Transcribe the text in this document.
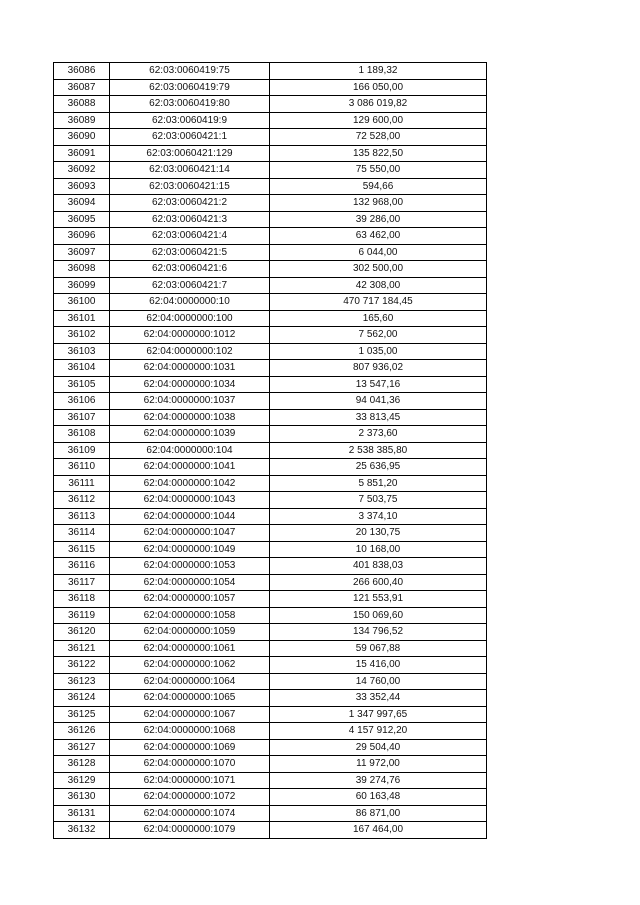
36086	62:03:0060419:75	1 189,32
36087	62:03:0060419:79	166 050,00
36088	62:03:0060419:80	3 086 019,82
36089	62:03:0060419:9	129 600,00
36090	62:03:0060421:1	72 528,00
36091	62:03:0060421:129	135 822,50
36092	62:03:0060421:14	75 550,00
36093	62:03:0060421:15	594,66
36094	62:03:0060421:2	132 968,00
36095	62:03:0060421:3	39 286,00
36096	62:03:0060421:4	63 462,00
36097	62:03:0060421:5	6 044,00
36098	62:03:0060421:6	302 500,00
36099	62:03:0060421:7	42 308,00
36100	62:04:0000000:10	470 717 184,45
36101	62:04:0000000:100	165,60
36102	62:04:0000000:1012	7 562,00
36103	62:04:0000000:102	1 035,00
36104	62:04:0000000:1031	807 936,02
36105	62:04:0000000:1034	13 547,16
36106	62:04:0000000:1037	94 041,36
36107	62:04:0000000:1038	33 813,45
36108	62:04:0000000:1039	2 373,60
36109	62:04:0000000:104	2 538 385,80
36110	62:04:0000000:1041	25 636,95
36111	62:04:0000000:1042	5 851,20
36112	62:04:0000000:1043	7 503,75
36113	62:04:0000000:1044	3 374,10
36114	62:04:0000000:1047	20 130,75
36115	62:04:0000000:1049	10 168,00
36116	62:04:0000000:1053	401 838,03
36117	62:04:0000000:1054	266 600,40
36118	62:04:0000000:1057	121 553,91
36119	62:04:0000000:1058	150 069,60
36120	62:04:0000000:1059	134 796,52
36121	62:04:0000000:1061	59 067,88
36122	62:04:0000000:1062	15 416,00
36123	62:04:0000000:1064	14 760,00
36124	62:04:0000000:1065	33 352,44
36125	62:04:0000000:1067	1 347 997,65
36126	62:04:0000000:1068	4 157 912,20
36127	62:04:0000000:1069	29 504,40
36128	62:04:0000000:1070	11 972,00
36129	62:04:0000000:1071	39 274,76
36130	62:04:0000000:1072	60 163,48
36131	62:04:0000000:1074	86 871,00
36132	62:04:0000000:1079	167 464,00
